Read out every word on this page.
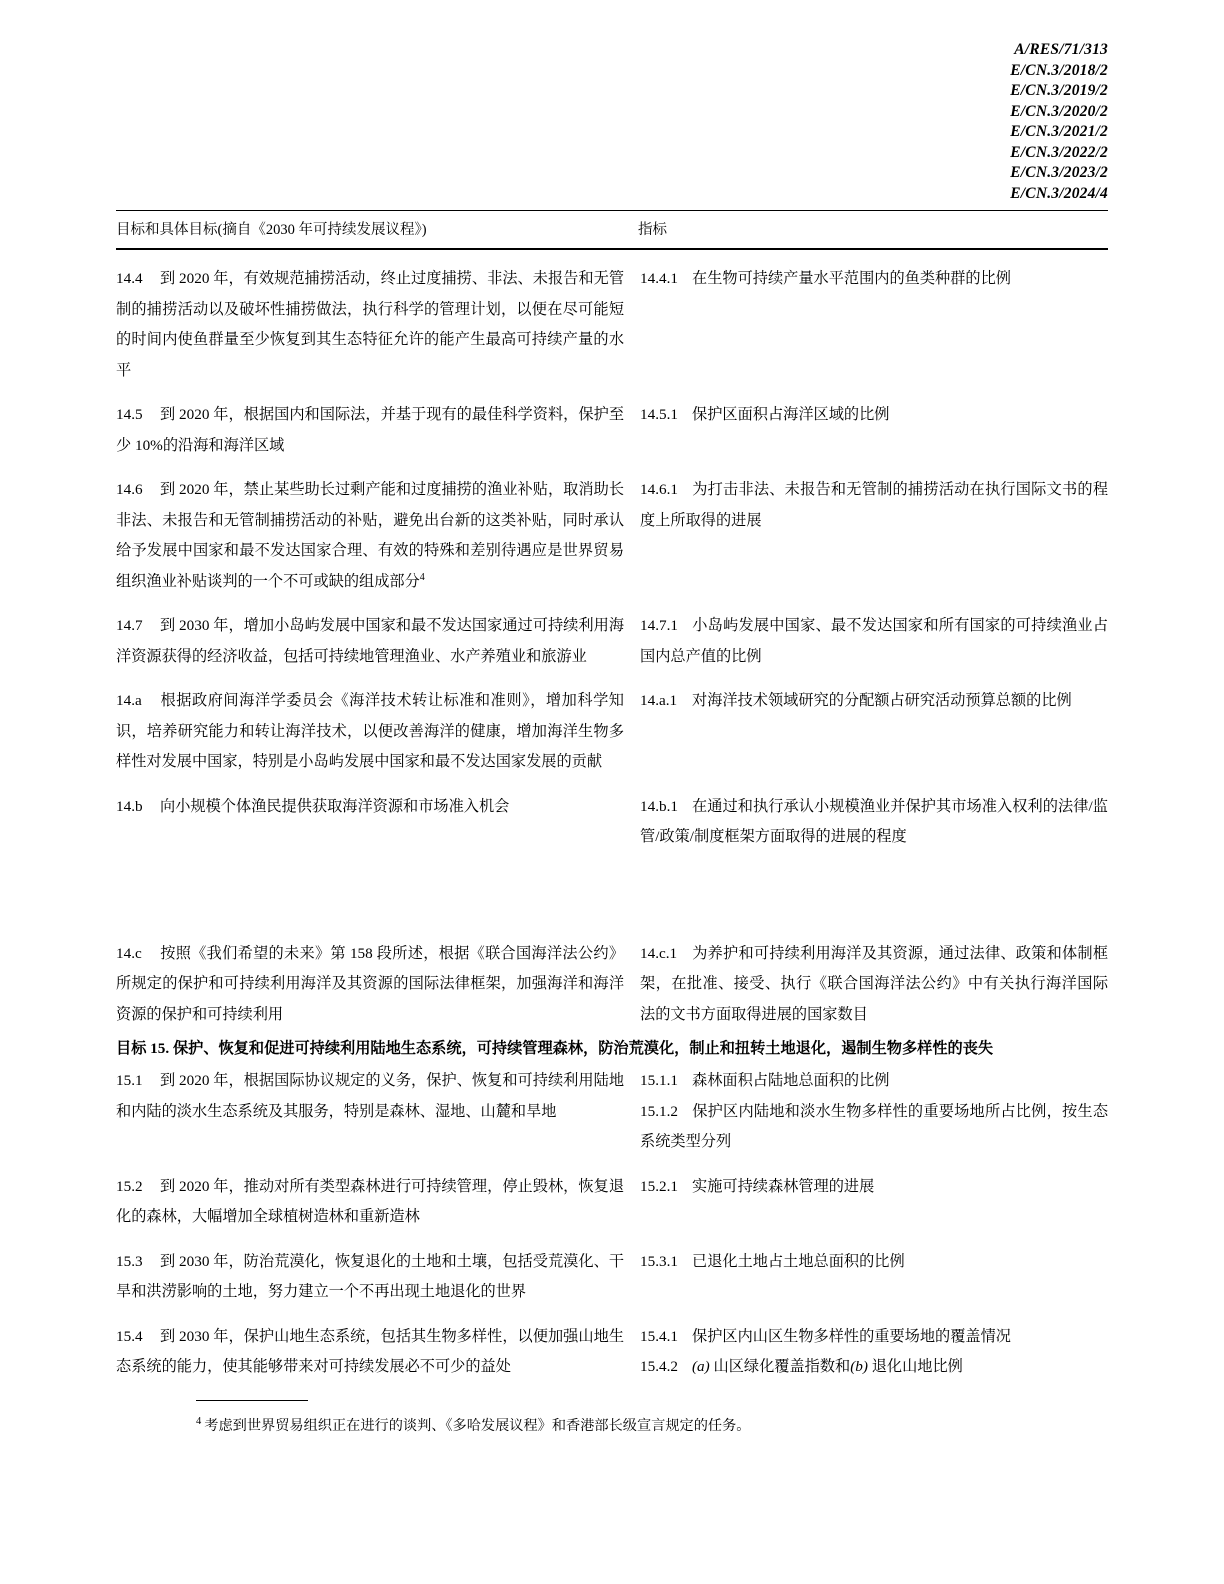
A/RES/71/313
E/CN.3/2018/2
E/CN.3/2019/2
E/CN.3/2020/2
E/CN.3/2021/2
E/CN.3/2022/2
E/CN.3/2023/2
E/CN.3/2024/4
目标和具体目标(摘自《2030 年可持续发展议程》)	指标

14.4 到 2020 年，有效规范捕捞活动，终止过度捕捞、非法、未报告和无管制的捕捞活动以及破坏性捕捞做法，执行科学的管理计划，以便在尽可能短的时间内使鱼群量至少恢复到其生态特征允许的能产生最高可持续产量的水平

14.4.1 在生物可持续产量水平范围内的鱼类种群的比例

14.5 到 2020 年，根据国内和国际法，并基于现有的最佳科学资料，保护至少 10%的沿海和海洋区域

14.5.1 保护区面积占海洋区域的比例

14.6 到 2020 年，禁止某些助长过剩产能和过度捕捞的渔业补贴，取消助长非法、未报告和无管制捕捞活动的补贴，避免出台新的这类补贴，同时承认给予发展中国家和最不发达国家合理、有效的特殊和差别待遇应是世界贸易组织渔业补贴谈判的一个不可或缺的组成部分$^4$

14.6.1 为打击非法、未报告和无管制的捕捞活动在执行国际文书的程度上所取得的进展

14.7 到 2030 年，增加小岛屿发展中国家和最不发达国家通过可持续利用海洋资源获得的经济收益，包括可持续地管理渔业、水产养殖业和旅游业

14.7.1 小岛屿发展中国家、最不发达国家和所有国家的可持续渔业占国内总产值的比例

14.a 根据政府间海洋学委员会《海洋技术转让标准和准则》，增加科学知识，培养研究能力和转让海洋技术，以便改善海洋的健康，增加海洋生物多样性对发展中国家，特别是小岛屿发展中国家和最不发达国家发展的贡献

14.a.1 对海洋技术领域研究的分配额占研究活动预算总额的比例

14.b 向小规模个体渔民提供获取海洋资源和市场准入机会	14.b.1 在通过和执行承认小规模渔业并保护其市场准入权利的法律/监管/政策/制度框架方面取得的进展的程度

14.c 按照《我们希望的未来》第 158 段所述，根据《联合国海洋法公约》所规定的保护和可持续利用海洋及其资源的国际法律框架，加强海洋和海洋资源的保护和可持续利用

14.c.1 为养护和可持续利用海洋及其资源，通过法律、政策和体制框架，在批准、接受、执行《联合国海洋法公约》中有关执行海洋国际法的文书方面取得进展的国家数目

目标 15. 保护、恢复和促进可持续利用陆地生态系统，可持续管理森林，防治荒漠化，制止和扭转土地退化，遏制生物多样性的丧失

15.1 到 2020 年，根据国际协议规定的义务，保护、恢复和可持续利用陆地和内陆的淡水生态系统及其服务，特别是森林、湿地、山麓和旱地

15.1.1 森林面积占陆地总面积的比例

15.1.2 保护区内陆地和淡水生物多样性的重要场地所占比例，按生态系统类型分列

15.2 到 2020 年，推动对所有类型森林进行可持续管理，停止毁林，恢复退化的森林，大幅增加全球植树造林和重新造林

15.2.1 实施可持续森林管理的进展

15.3 到 2030 年，防治荒漠化，恢复退化的土地和土壤，包括受荒漠化、干旱和洪涝影响的土地，努力建立一个不再出现土地退化的世界

15.3.1 已退化土地占土地总面积的比例

15.4 到 2030 年，保护山地生态系统，包括其生物多样性，以便加强山地生态系统的能力，使其能够带来对可持续发展必不可少的益处

15.4.1 保护区内山区生物多样性的重要场地的覆盖情况

15.4.2 (a) 山区绿化覆盖指数和(b) 退化山地比例

$^4$ 考虑到世界贸易组织正在进行的谈判、《多哈发展议程》和香港部长级宣言规定的任务。
